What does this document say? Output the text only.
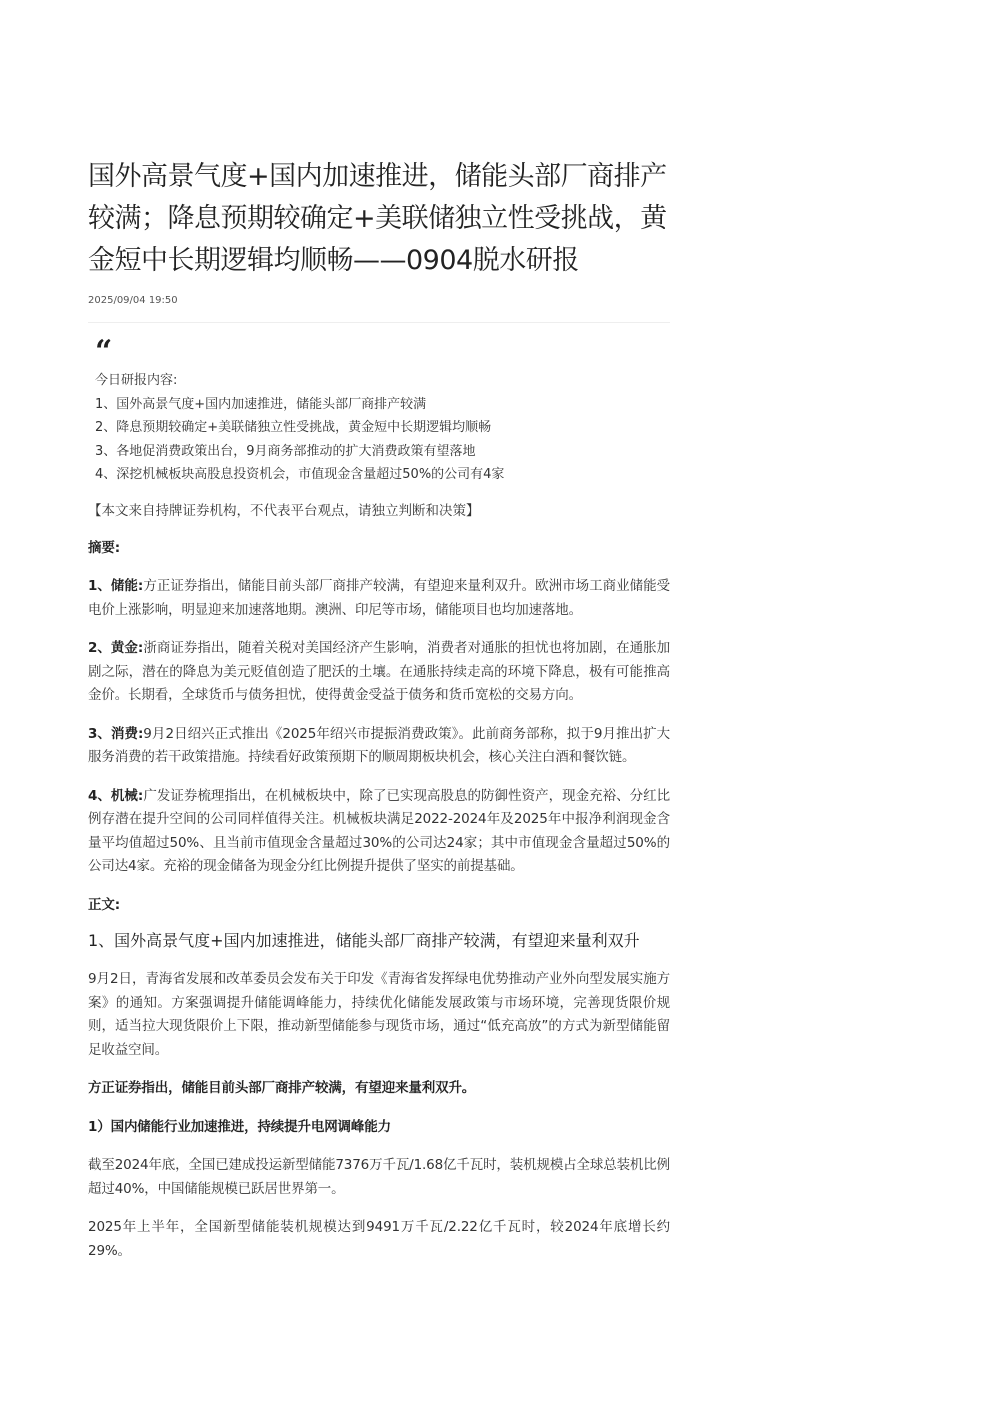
国外高景气度+国内加速推进，储能头部厂商排产较满；降息预期较确定+美联储独立性受挑战，黄金短中长期逻辑均顺畅——0904脱水研报
2025/09/04 19:50
“
今日研报内容:
1、国外高景气度+国内加速推进，储能头部厂商排产较满
2、降息预期较确定+美联储独立性受挑战，黄金短中长期逻辑均顺畅
3、各地促消费政策出台，9月商务部推动的扩大消费政策有望落地
4、深挖机械板块高股息投资机会，市值现金含量超过50%的公司有4家
【本文来自持牌证券机构，不代表平台观点，请独立判断和决策】
摘要:
1、储能:方正证券指出，储能目前头部厂商排产较满，有望迎来量利双升。欧洲市场工商业储能受电价上涨影响，明显迎来加速落地期。澳洲、印尼等市场，储能项目也均加速落地。
2、黄金:浙商证券指出，随着关税对美国经济产生影响，消费者对通胀的担忧也将加剧，在通胀加剧之际，潜在的降息为美元贬值创造了肥沃的土壤。在通胀持续走高的环境下降息，极有可能推高金价。长期看，全球货币与债务担忧，使得黄金受益于债务和货币宽松的交易方向。
3、消费:9月2日绍兴正式推出《2025年绍兴市提振消费政策》。此前商务部称，拟于9月推出扩大服务消费的若干政策措施。持续看好政策预期下的顺周期板块机会，核心关注白酒和餐饮链。
4、机械:广发证券梳理指出，在机械板块中，除了已实现高股息的防御性资产，现金充裕、分红比例存潜在提升空间的公司同样值得关注。机械板块满足2022-2024年及2025年中报净利润现金含量平均值超过50%、且当前市值现金含量超过30%的公司达24家；其中市值现金含量超过50%的公司达4家。充裕的现金储备为现金分红比例提升提供了坚实的前提基础。
正文:
1、国外高景气度+国内加速推进，储能头部厂商排产较满，有望迎来量利双升
9月2日，青海省发展和改革委员会发布关于印发《青海省发挥绿电优势推动产业外向型发展实施方案》的通知。方案强调提升储能调峰能力，持续优化储能发展政策与市场环境，完善现货限价规则，适当拉大现货限价上下限，推动新型储能参与现货市场，通过“低充高放”的方式为新型储能留足收益空间。
方正证券指出，储能目前头部厂商排产较满，有望迎来量利双升。
1）国内储能行业加速推进，持续提升电网调峰能力
截至2024年底，全国已建成投运新型储能7376万千瓦/1.68亿千瓦时，装机规模占全球总装机比例超过40%，中国储能规模已跃居世界第一。
2025年上半年，全国新型储能装机规模达到9491万千瓦/2.22亿千瓦时，较2024年底增长约29%。
